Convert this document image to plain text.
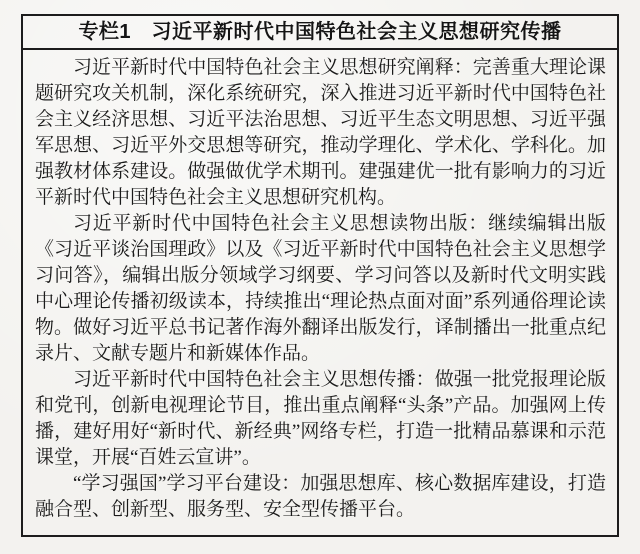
专栏1　习近平新时代中国特色社会主义思想研究传播

习近平新时代中国特色社会主义思想研究阐释：完善重大理论课题研究攻关机制，深化系统研究，深入推进习近平新时代中国特色社会主义经济思想、习近平法治思想、习近平生态文明思想、习近平强军思想、习近平外交思想等研究，推动学理化、学术化、学科化。加强教材体系建设。做强做优学术期刊。建强建优一批有影响力的习近平新时代中国特色社会主义思想研究机构。

习近平新时代中国特色社会主义思想读物出版：继续编辑出版《习近平谈治国理政》以及《习近平新时代中国特色社会主义思想学习问答》，编辑出版分领域学习纲要、学习问答以及新时代文明实践中心理论传播初级读本，持续推出“理论热点面对面”系列通俗理论读物。做好习近平总书记著作海外翻译出版发行，译制播出一批重点纪录片、文献专题片和新媒体作品。

习近平新时代中国特色社会主义思想传播：做强一批党报理论版和党刊，创新电视理论节目，推出重点阐释“头条”产品。加强网上传播，建好用好“新时代、新经典”网络专栏，打造一批精品慕课和示范课堂，开展“百姓云宣讲”。

“学习强国”学习平台建设：加强思想库、核心数据库建设，打造融合型、创新型、服务型、安全型传播平台。
